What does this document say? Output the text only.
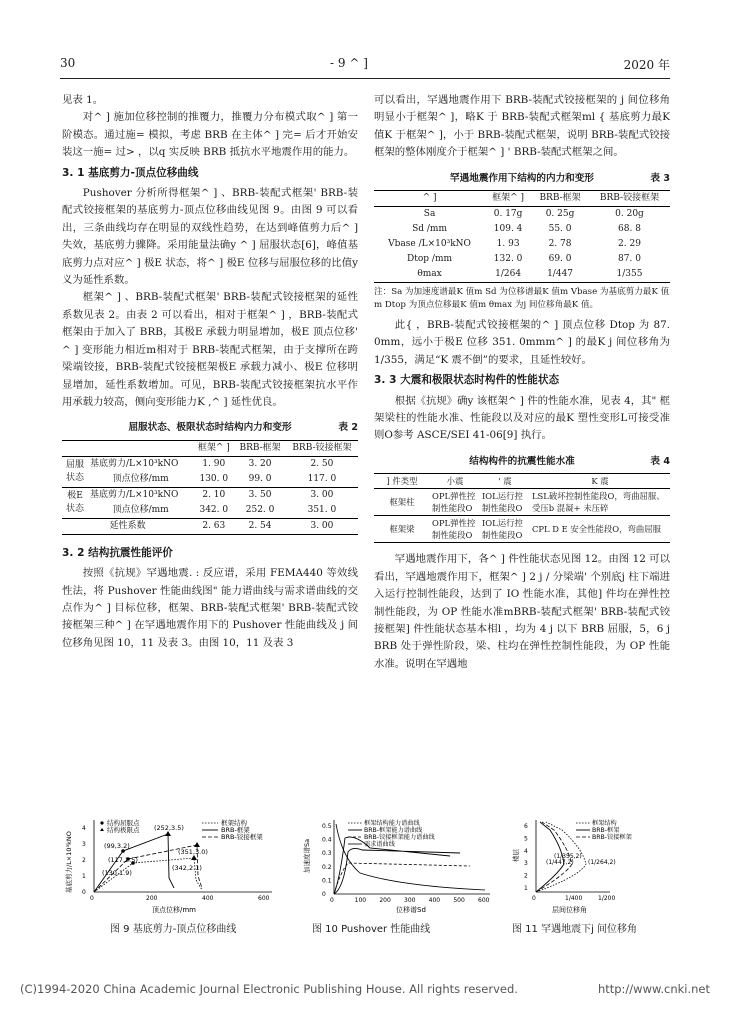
30	- 9 ^ ]	2020 年

见表 1。

对^ ] 施加位移控制的推覆力，推覆力分布模式取^ ] 第一阶模态。通过施= 模拟，考虑 BRB 在主体^ ] 完= 后才开始安装这一施= 过> ，以q 实反映 BRB 抵抗水平地震作用的能力。

3. 1 基底剪力-顶点位移曲线

Pushover 分析所得框架^ ] 、BRB-装配式框架' BRB-装配式铰接框架的基底剪力-顶点位移曲线见图 9。由图 9 可以看出，三条曲线均存在明显的双线性趋势，在达到峰值剪力后^ ] 失效，基底剪力骤降。采用能量法确y ^ ] 屈服状态[6]，峰值基底剪力点对应^ ] 极E 状态，将^ ] 极E 位移与屈服位移的比值y 义为延性系数。

框架^ ] 、BRB-装配式框架' BRB-装配式铰接框架的延性系数见表 2。由表 2 可以看出，相对于框架^ ] ，BRB-装配式框架由于加入了 BRB，其极E 承载力明显增加，极E 顶点位移' ^ ] 变形能力相近m相对于 BRB-装配式框架，由于支撑所在跨梁端铰接，BRB-装配式铰接框架极E 承载力减小、极E 位移明显增加，延性系数增加。可见，BRB-装配式铰接框架抗水平作用承载力较高，侧向变形能力K ,^ ] 延性优良。

屈服状态、极限状态时结构内力和变形	表 2
		框架^ ]	BRB-框架	BRB-铰接框架
屈服状态	基底剪力/L×10³kNO	1. 90	3. 20	2. 50
	顶点位移/mm	130. 0	99. 0	117. 0
极E状态	基底剪力/L×10³kNO	2. 10	3. 50	3. 00
	顶点位移/mm	342. 0	252. 0	351. 0
延性系数		2. 63	2. 54	3. 00
3. 2 结构抗震性能评价

按照《抗规》罕遇地震. : 反应谱，采用 FEMA440 等效线性法，将 Pushover 性能曲线图" 能力谱曲线与需求谱曲线的交点作为^ ] 目标位移，框架、BRB-装配式框架' BRB-装配式铰接框架三种^ ] 在罕遇地震作用下的 Pushover 性能曲线及 j 间位移角见图 10，11 及表 3。由图 10，11 及表 3

可以看出，罕遇地震作用下 BRB-装配式铰接框架的 j 间位移角明显小于框架^ ]，略K 于 BRB-装配式框架ml { 基底剪力最K 值K 于框架^ ]，小于 BRB-装配式框架，说明 BRB-装配式铰接框架的整体刚度介于框架^ ] ' BRB-装配式框架之间。

罕遇地震作用下结构的内力和变形	表 3
^ ]	框架^ ]	BRB-框架	BRB-铰接框架
Sa	0. 17g	0. 25g	0. 20g
Sd /mm	109. 4	55. 0	68. 8
Vbase /L×10³kNO	1. 93	2. 78	2. 29
Dtop /mm	132. 0	69. 0	87. 0
θmax	1/264	1/447	1/355
注：Sa 为加速度谱最K 值m Sd 为位移谱最K 值m Vbase 为基底剪力最K 值m Dtop 为顶点位移最K 值m θmax 为j 间位移角最K 值。

此{ ，BRB-装配式铰接框架的^ ] 顶点位移 Dtop 为 87. 0mm，远小于极E 位移 351. 0mmm^ ] 的最K j 间位移角为 1/355，满足“K 震不倒”的要求，且延性较好。

3. 3 大震和极限状态时构件的性能状态

根据《抗规》确y 该框架^ ] 件的性能水准，见表 4，其" 框架梁柱的性能水准、性能段以及对应的最K 塑性变形L可接受准则O参考 ASCE/SEI 41-06[9] 执行。

结构构件的抗震性能水准	表 4
] 件类型	小震	' 震	K 震
框架柱	OPL弹性控制性能段O	IOL运行控制性能段O	LSL破坏控制性能段O，弯曲屈服、受压b 混凝+ 未压碎
框架梁	OPL弹性控制性能段O	IOL运行控制性能段O	CPL D E 安全性能段O，弯曲屈服

罕遇地震作用下，各^ ] 件性能状态见图 12。由图 12 可以看出，罕遇地震作用下，框架^ ] 2 j / 分梁端' 个别底j 柱下端进入运行控制性能段，达到了 IO 性能水准，其他] 件均在弹性控制性能段，为 OP 性能水准mBRB-装配式框架' BRB-装配式铰接框架] 件性能状态基本相l ，均为 4 j 以下 BRB 屈服，5，6 j BRB 处于弹性阶段，梁、柱均在弹性控制性能段，为 OP 性能水准。说明在罕遇地

0	200	400	600
0
1
2
3
4	(252,3.5)
(99,3.2)
(117,2.5)
(351,3.0)
(130,1.9)
(342,2.1)
结构屈服点
结构极限点
框架结构
BRB-框架
BRB-铰接框架
顶点位移/mm
基底剪力/L×10³kNO
0	100 200 300 400 500 600
0
0.1
0.2
0.3
0.4
0.5	框架结构能力谱曲线
BRB-框架能力谱曲线
BRB-铰接框架能力谱曲线
需求谱曲线
位移谱Sd
加速度谱Sa
0	1/400	1/200
1
2
3
4
5
6
(1/447,2)
(1/355,2)
(1/264,2)
框架结构
BRB-框架
BRB-铰接框架
层间位移角
楼层
图 9 基底剪力-顶点位移曲线	图 10 Pushover 性能曲线	图 11 罕遇地震下j 间位移角
(C)1994-2020 China Academic Journal Electronic Publishing House. All rights reserved.	http://www.cnki.net
